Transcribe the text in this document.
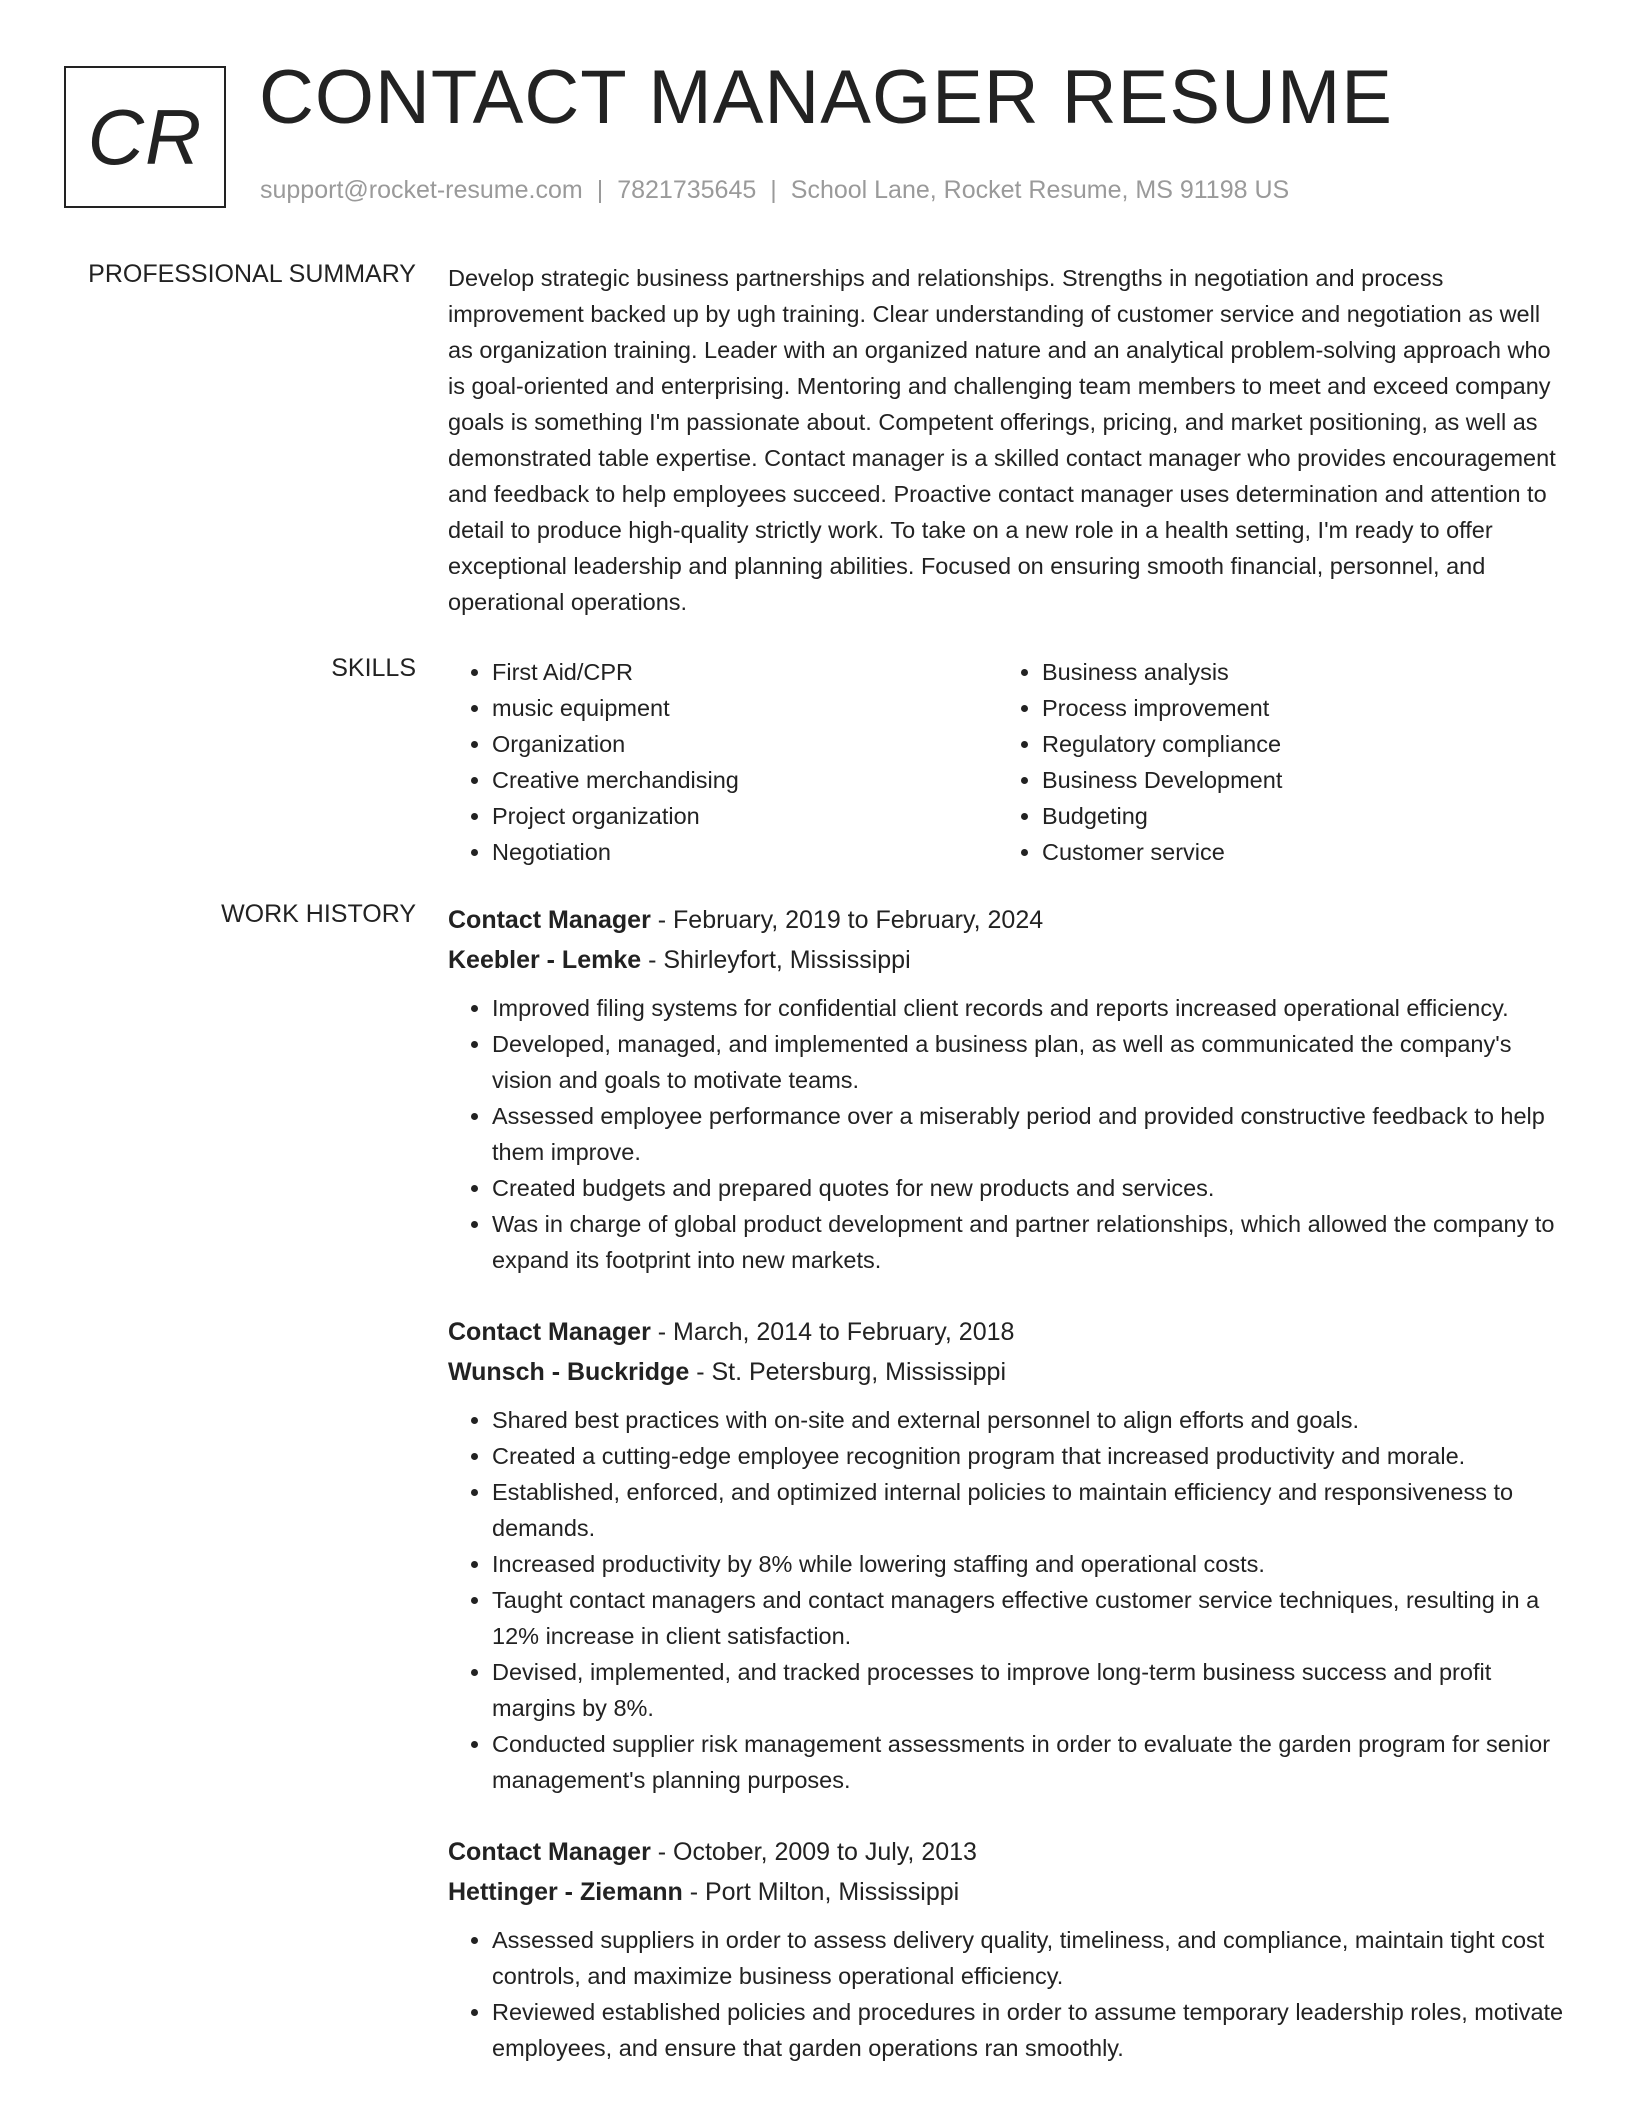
CR CONTACT MANAGER RESUME
support@rocket-resume.com | 7821735645 | School Lane, Rocket Resume, MS 91198 US
PROFESSIONAL SUMMARY Develop strategic business partnerships and relationships. Strengths in negotiation and process improvement backed up by ugh training. Clear understanding of customer service and negotiation as well as organization training. Leader with an organized nature and an analytical problem-solving approach who is goal-oriented and enterprising. Mentoring and challenging team members to meet and exceed company goals is something I'm passionate about. Competent offerings, pricing, and market positioning, as well as demonstrated table expertise. Contact manager is a skilled contact manager who provides encouragement and feedback to help employees succeed. Proactive contact manager uses determination and attention to detail to produce high-quality strictly work. To take on a new role in a health setting, I'm ready to offer exceptional leadership and planning abilities. Focused on ensuring smooth financial, personnel, and operational operations.

SKILLS
•	First Aid/CPR
• music equipment
• Organization
• Creative merchandising
• Project organization
• Negotiation
• Business analysis
• Process improvement
• Regulatory compliance
• Business Development
• Budgeting
• Customer service
WORK HISTORY Contact Manager - February, 2019 to February, 2024
Keebler - Lemke - Shirleyfort, Mississippi
• Improved filing systems for confidential client records and reports increased operational efficiency.
• Developed, managed, and implemented a business plan, as well as communicated the company's vision and goals to motivate teams.
• Assessed employee performance over a miserably period and provided constructive feedback to help them improve.
• Created budgets and prepared quotes for new products and services.
• Was in charge of global product development and partner relationships, which allowed the company to expand its footprint into new markets.
Contact Manager - March, 2014 to February, 2018
Wunsch - Buckridge - St. Petersburg, Mississippi
• Shared best practices with on-site and external personnel to align efforts and goals.
• Created a cutting-edge employee recognition program that increased productivity and morale.
• Established, enforced, and optimized internal policies to maintain efficiency and responsiveness to demands.
• Increased productivity by 8% while lowering staffing and operational costs.
• Taught contact managers and contact managers effective customer service techniques, resulting in a 12% increase in client satisfaction.
• Devised, implemented, and tracked processes to improve long-term business success and profit margins by 8%.
• Conducted supplier risk management assessments in order to evaluate the garden program for senior management's planning purposes.
Contact Manager - October, 2009 to July, 2013
Hettinger - Ziemann - Port Milton, Mississippi
• Assessed suppliers in order to assess delivery quality, timeliness, and compliance, maintain tight cost controls, and maximize business operational efficiency.
• Reviewed established policies and procedures in order to assume temporary leadership roles, motivate employees, and ensure that garden operations ran smoothly.
